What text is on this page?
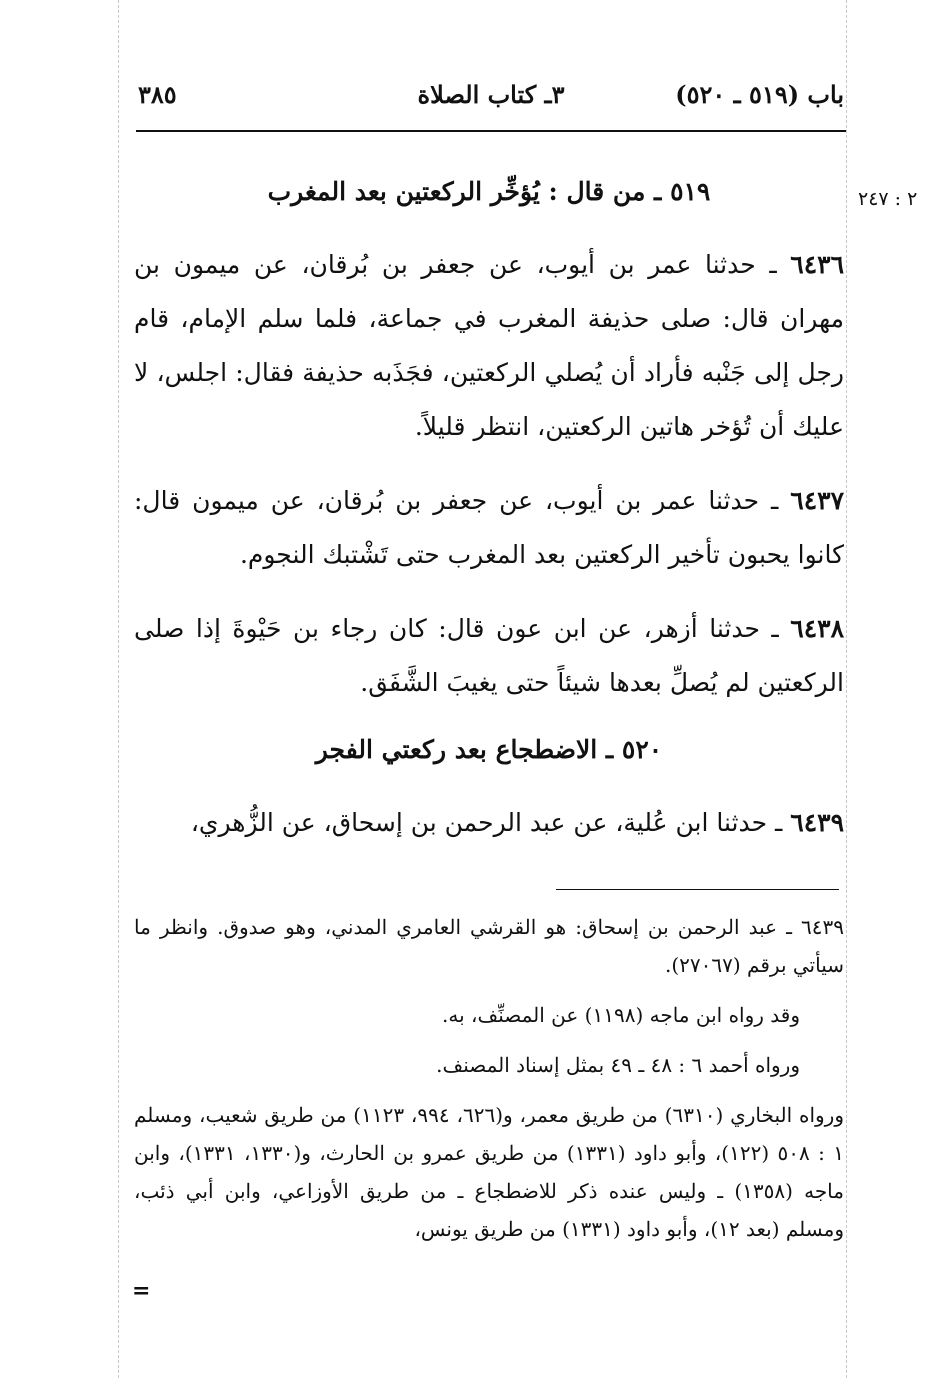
باب (٥١٩ ـ ٥٢٠)
٣ـ كتاب الصلاة
٣٨٥
٢ : ٢٤٧
٥١٩ ـ من قال : يُؤخِّر الركعتين بعد المغرب

٦٤٣٦ ـ حدثنا عمر بن أيوب، عن جعفر بن بُرقان، عن ميمون بن مهران قال: صلى حذيفة المغرب في جماعة، فلما سلم الإمام، قام رجل إلى جَنْبه فأراد أن يُصلي الركعتين، فجَذَبه حذيفة فقال: اجلس، لا عليك أن تُؤخر هاتين الركعتين، انتظر قليلاً.

٦٤٣٧ ـ حدثنا عمر بن أيوب، عن جعفر بن بُرقان، عن ميمون قال: كانوا يحبون تأخير الركعتين بعد المغرب حتى تَشْتبك النجوم.

٦٤٣٨ ـ حدثنا أزهر، عن ابن عون قال: كان رجاء بن حَيْوةَ إذا صلى الركعتين لم يُصلِّ بعدها شيئاً حتى يغيبَ الشَّفَق.

٥٢٠ ـ الاضطجاع بعد ركعتي الفجر

٦٤٣٩ ـ حدثنا ابن عُلية، عن عبد الرحمن بن إسحاق، عن الزُّهري،

٦٤٣٩ ـ عبد الرحمن بن إسحاق: هو القرشي العامري المدني، وهو صدوق. وانظر ما سيأتي برقم (٢٧٠٦٧).

وقد رواه ابن ماجه (١١٩٨) عن المصنِّف، به.

ورواه أحمد ٦ : ٤٨ ـ ٤٩ بمثل إسناد المصنف.

ورواه البخاري (٦٣١٠) من طريق معمر، و(٦٢٦، ٩٩٤، ١١٢٣) من طريق شعيب، ومسلم ١ : ٥٠٨ (١٢٢)، وأبو داود (١٣٣١) من طريق عمرو بن الحارث، و(١٣٣٠، ١٣٣١)، وابن ماجه (١٣٥٨) ـ وليس عنده ذكر للاضطجاع ـ من طريق الأوزاعي، وابن أبي ذئب، ومسلم (بعد ١٢)، وأبو داود (١٣٣١) من طريق يونس،

=
